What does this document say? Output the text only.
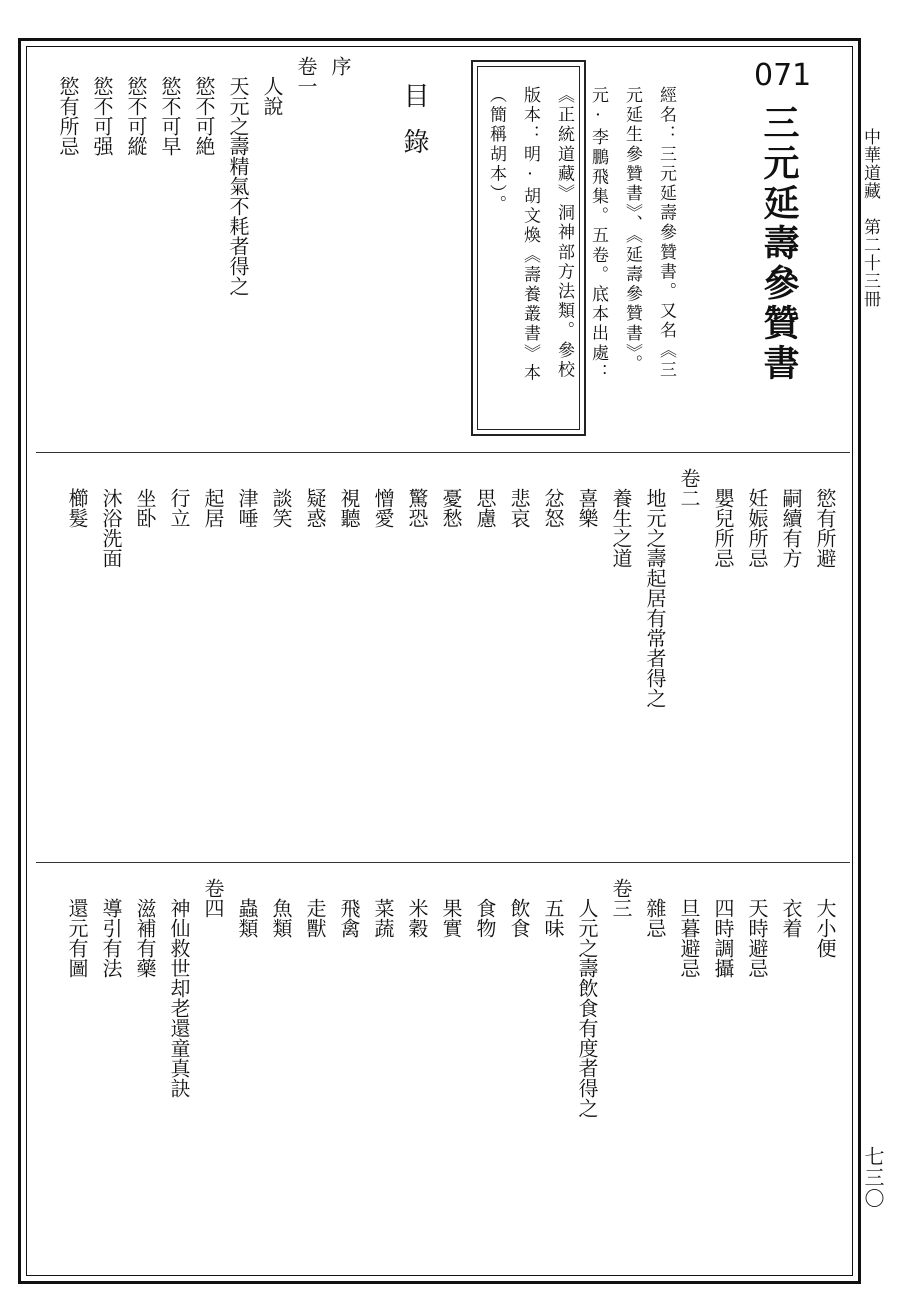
中華道藏　第二十三冊
七三〇
071
三元延壽參贊書
經名：三元延壽參贊書。又名《三
元延生參贊書》、《延壽參贊書》。
元·李鵬飛集。五卷。底本出處：
《正統道藏》洞神部方法類。參校
版本：明·胡文煥《壽養叢書》本
（簡稱胡本）。
目錄
序
卷一
人說
天元之壽精氣不耗者得之
慾不可絶
慾不可早
慾不可縱
慾不可强
慾有所忌
慾有所避
嗣續有方
妊娠所忌
嬰兒所忌
卷二
地元之壽起居有常者得之
養生之道
喜樂
忿怒
悲哀
思慮
憂愁
驚恐
憎愛
視聽
疑惑
談笑
津唾
起居
行立
坐卧
沐浴洗面
櫛髮
大小便
衣着
天時避忌
四時調攝
旦暮避忌
雜忌
卷三
人元之壽飲食有度者得之
五味
飲食
食物
果實
米穀
菜蔬
飛禽
走獸
魚類
蟲類
卷四
神仙救世却老還童真訣
滋補有藥
導引有法
還元有圖
